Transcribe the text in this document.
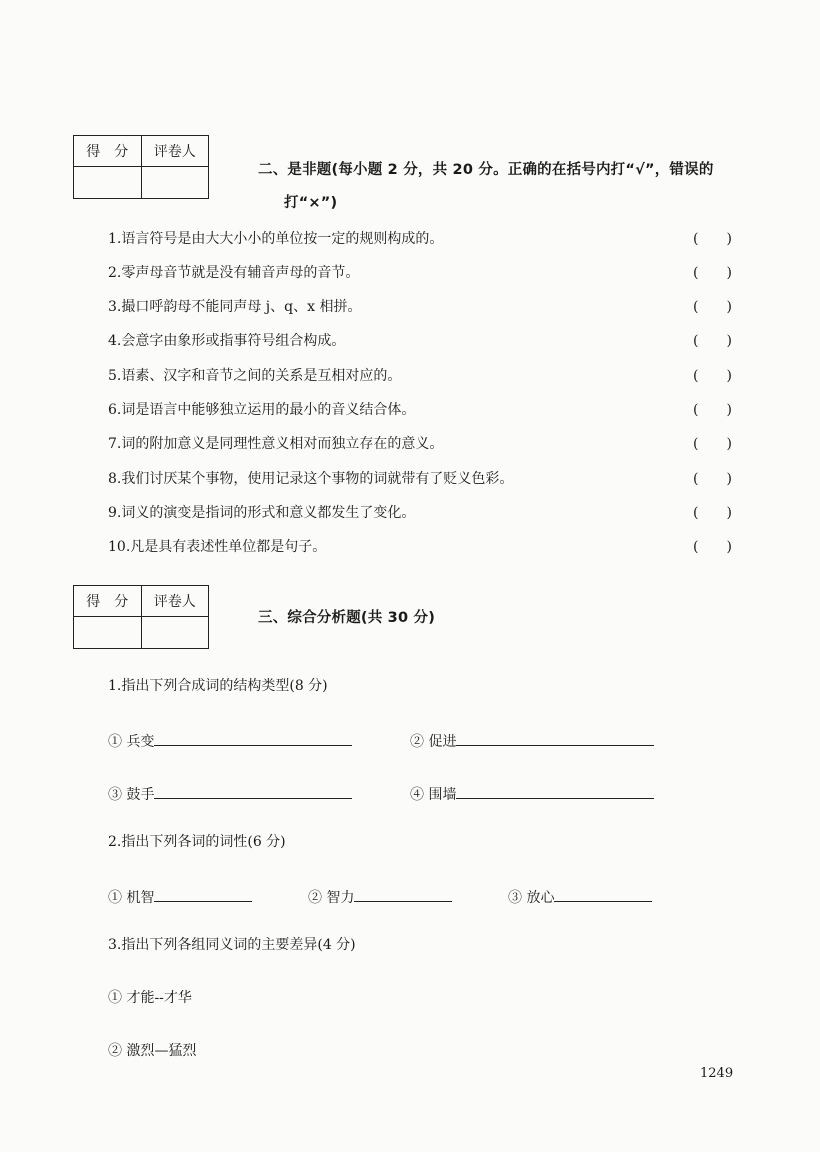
得　分	评卷人

二、是非题(每小题 2 分，共 20 分。正确的在括号内打“√”，错误的
打“×”)
1.语言符号是由大大小小的单位按一定的规则构成的。	(　　)
2.零声母音节就是没有辅音声母的音节。	(　　)
3.撮口呼韵母不能同声母 j、q、x 相拼。	(　　)
4.会意字由象形或指事符号组合构成。	(　　)
5.语素、汉字和音节之间的关系是互相对应的。	(　　)
6.词是语言中能够独立运用的最小的音义结合体。	(　　)
7.词的附加意义是同理性意义相对而独立存在的意义。	(　　)
8.我们讨厌某个事物，使用记录这个事物的词就带有了贬义色彩。	(　　)
9.词义的演变是指词的形式和意义都发生了变化。	(　　)
10.凡是具有表述性单位都是句子。	(　　)
得　分	评卷人

三、综合分析题(共 30 分)
1.指出下列合成词的结构类型(8 分)
① 兵变	② 促进
③ 鼓手	④ 围墙
2.指出下列各词的词性(6 分)
① 机智	② 智力	③ 放心
3.指出下列各组同义词的主要差异(4 分)
① 才能--才华
② 激烈—猛烈
1249
